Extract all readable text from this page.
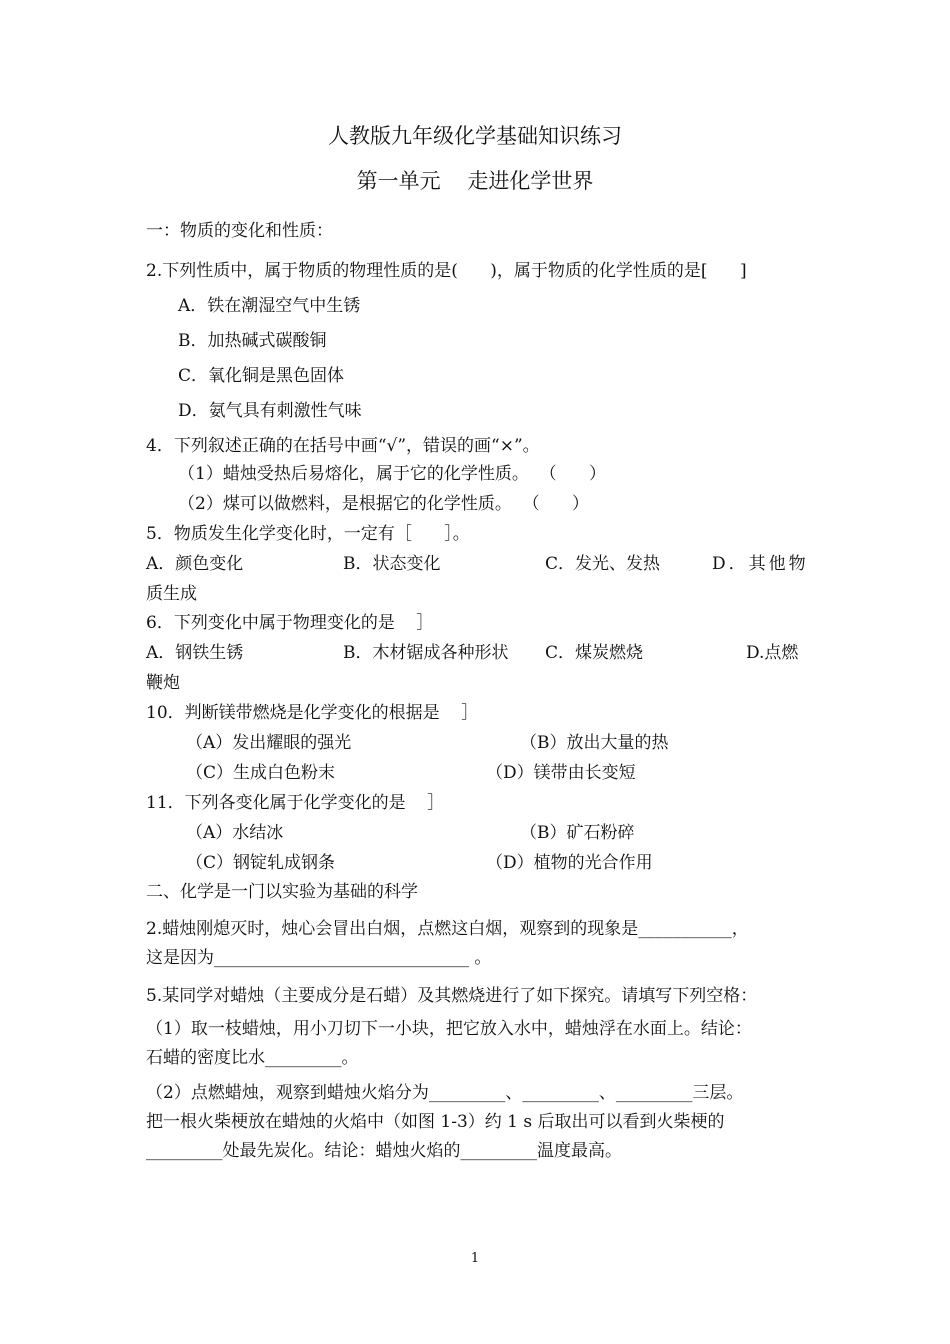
人教版九年级化学基础知识练习
第一单元    走进化学世界
一：物质的变化和性质：
2.下列性质中，属于物质的物理性质的是(      )，属于物质的化学性质的是[      ]
A．铁在潮湿空气中生锈
B．加热碱式碳酸铜
C．氧化铜是黑色固体
D．氨气具有刺激性气味
4．下列叙述正确的在括号中画“√”，错误的画“×”。
（1）蜡烛受热后易熔化，属于它的化学性质。  （      ）
（2）煤可以做燃料，是根据它的化学性质。  （      ）
5．物质发生化学变化时，一定有［      ］。
A．颜色变化	B．状态变化	C．发光、发热	D．其他物
质生成
6．下列变化中属于物理变化的是    ］
A．钢铁生锈	B．木材锯成各种形状 C．煤炭燃烧	D.点燃
鞭炮
10．判断镁带燃烧是化学变化的根据是    ］
（A）发出耀眼的强光	（B）放出大量的热
（C）生成白色粉末	（D）镁带由长变短
11．下列各变化属于化学变化的是    ］
（A）水结冰	（B）矿石粉碎
（C）钢锭轧成钢条	（D）植物的光合作用
二、化学是一门以实验为基础的科学
2.蜡烛刚熄灭时，烛心会冒出白烟，点燃这白烟，观察到的现象是___________，
这是因为______________________________ 。
5.某同学对蜡烛（主要成分是石蜡）及其燃烧进行了如下探究。请填写下列空格：
（1）取一枝蜡烛，用小刀切下一小块，把它放入水中，蜡烛浮在水面上。结论：
石蜡的密度比水_________。
（2）点燃蜡烛，观察到蜡烛火焰分为_________、_________、_________三层。
把一根火柴梗放在蜡烛的火焰中（如图 1-3）约 1 s 后取出可以看到火柴梗的
_________处最先炭化。结论：蜡烛火焰的_________温度最高。
1
